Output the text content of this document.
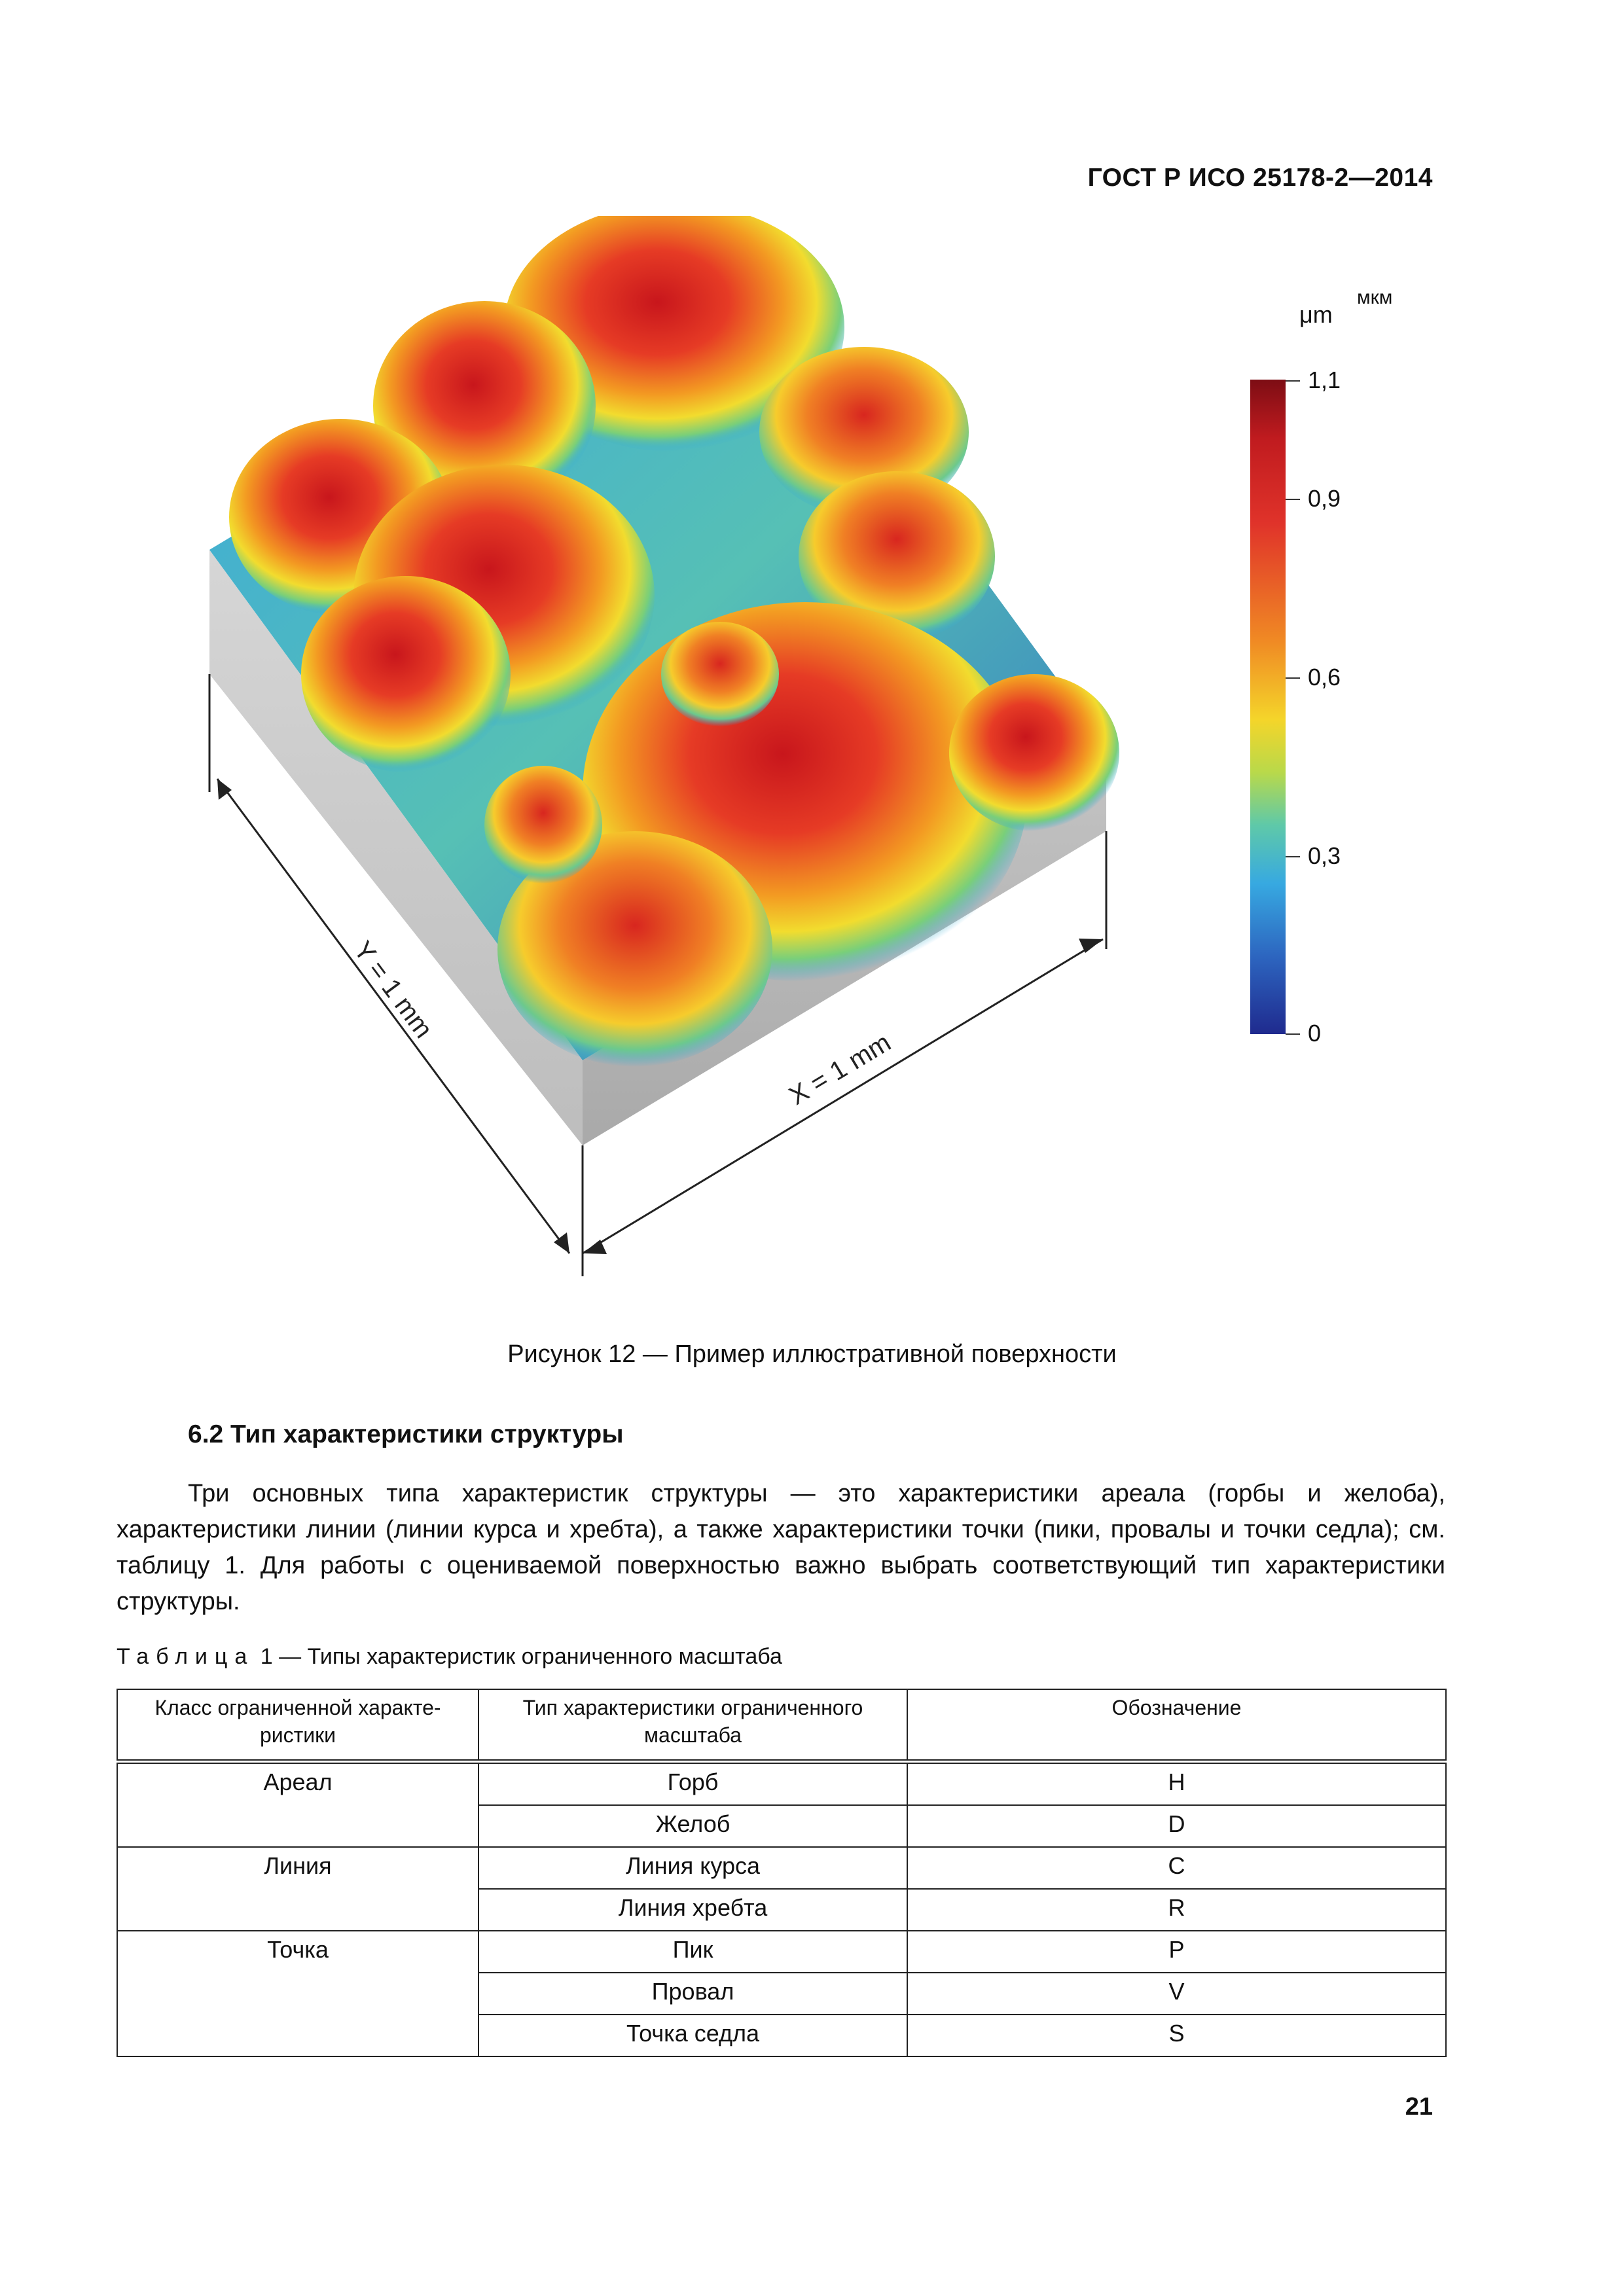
ГОСТ Р ИСО 25178-2—2014
Y = 1 mm
X = 1 mm
μm
мкм
1,1
0,9
0,6
0,3
0
Рисунок 12 — Пример иллюстративной поверхности
6.2 Тип характеристики структуры

Три основных типа характеристик структуры — это характеристики ареала (горбы и желоба), характеристики линии (линии курса и хребта), а также характеристики точки (пики, провалы и точки седла); см. таблицу 1. Для работы с оцениваемой поверхностью важно выбрать соответствующий тип характеристики структуры.

Таблица 1 — Типы характеристик ограниченного масштаба
Класс ограниченной характе-ристики	Тип характеристики ограниченного масштаба	Обозначение
Ареал	Горб	H
	Желоб	D
Линия	Линия курса	C
	Линия хребта	R
Точка	Пик	P
	Провал	V
	Точка седла	S
21
